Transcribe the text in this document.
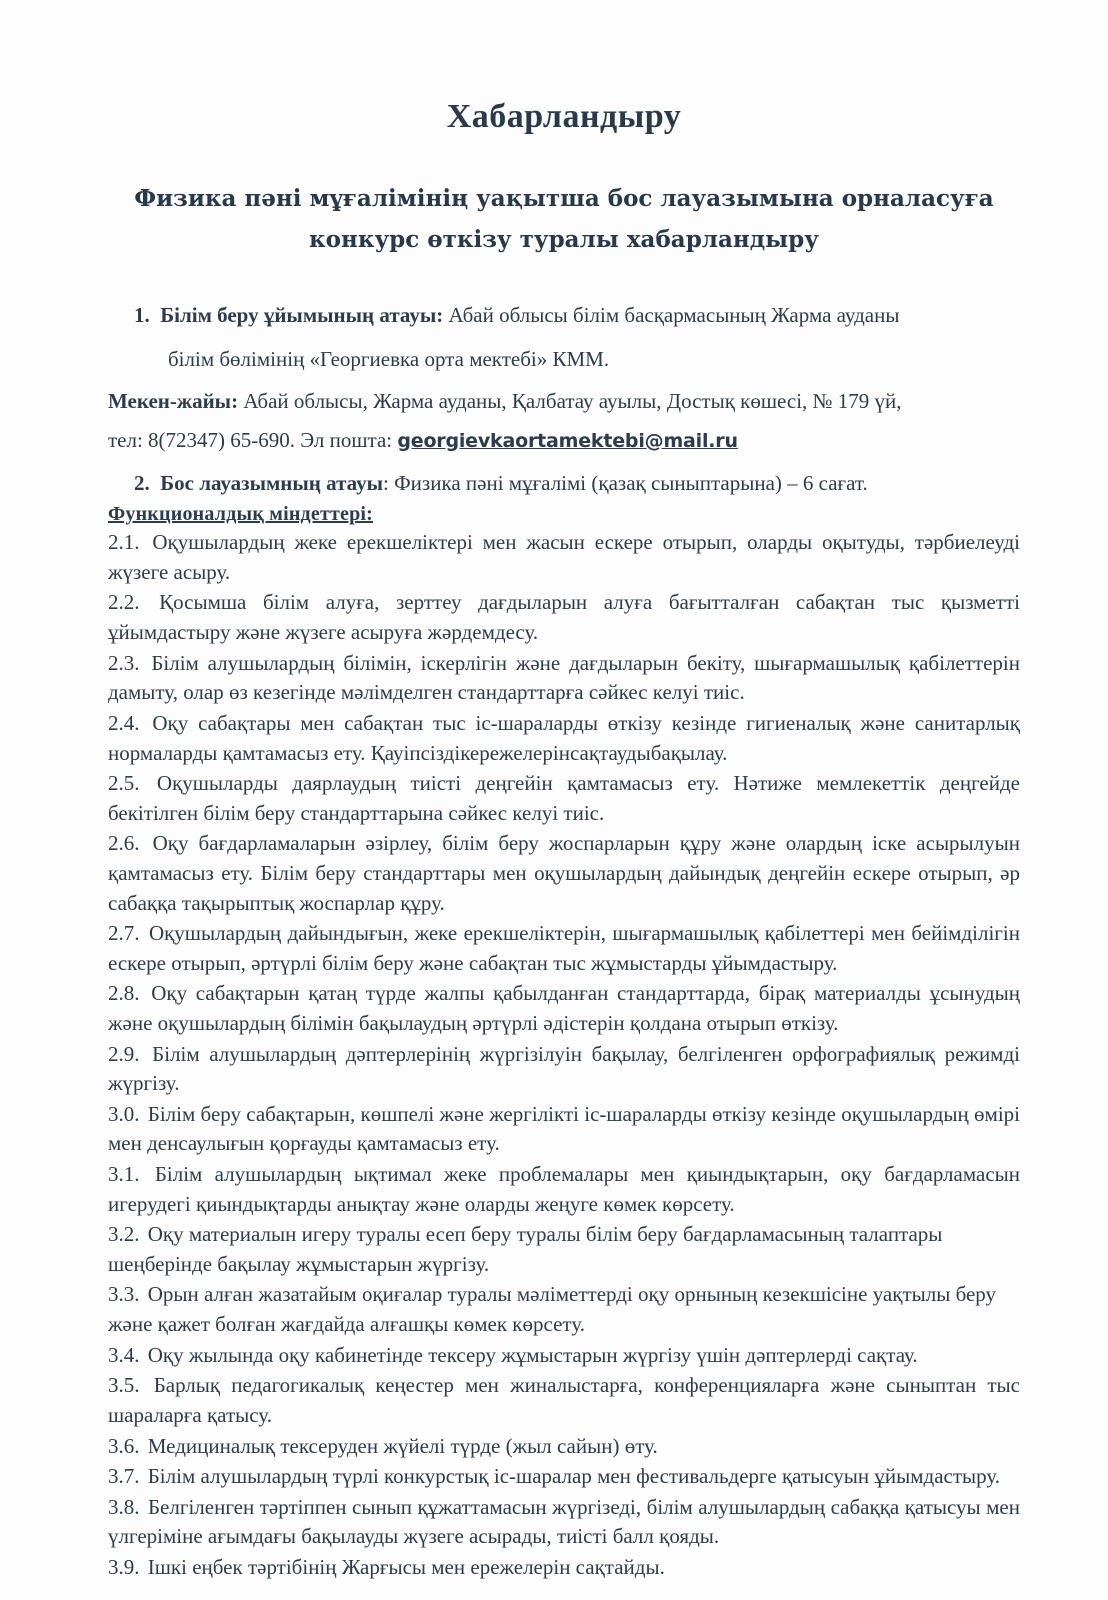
Хабарландыру
Физика пәні мұғалімінің уақытша бос лауазымына орналасуға конкурс өткізу туралы хабарландыру
1. Білім беру ұйымының атауы: Абай облысы білім басқармасының Жарма ауданы
білім бөлімінің «Георгиевка орта мектебі» КММ.
Мекен-жайы: Абай облысы, Жарма ауданы, Қалбатау ауылы, Достық көшесі, № 179 үй,
тел: 8(72347) 65-690. Эл пошта: georgievkaortamektebi@mail.ru
2. Бос лауазымның атауы: Физика пәні мұғалімі (қазақ сыныптарына) – 6 сағат.
Функционалдық міндеттері:

2.1. Оқушылардың жеке ерекшеліктері мен жасын ескере отырып, оларды оқытуды, тәрбиелеуді жүзеге асыру.

2.2. Қосымша білім алуға, зерттеу дағдыларын алуға бағытталған сабақтан тыс қызметті ұйымдастыру және жүзеге асыруға жәрдемдесу.

2.3. Білім алушылардың білімін, іскерлігін және дағдыларын бекіту, шығармашылық қабілеттерін дамыту, олар өз кезегінде мәлімделген стандарттарға сәйкес келуі тиіс.

2.4. Оқу сабақтары мен сабақтан тыс іс-шараларды өткізу кезінде гигиеналық және санитарлық нормаларды қамтамасыз ету. Қауіпсіздікережелерінсақтаудыбақылау.

2.5. Оқушыларды даярлаудың тиісті деңгейін қамтамасыз ету. Нәтиже мемлекеттік деңгейде бекітілген білім беру стандарттарына сәйкес келуі тиіс.

2.6. Оқу бағдарламаларын әзірлеу, білім беру жоспарларын құру және олардың іске асырылуын қамтамасыз ету. Білім беру стандарттары мен оқушылардың дайындық деңгейін ескере отырып, әр сабаққа тақырыптық жоспарлар құру.

2.7. Оқушылардың дайындығын, жеке ерекшеліктерін, шығармашылық қабілеттері мен бейімділігін ескере отырып, әртүрлі білім беру және сабақтан тыс жұмыстарды ұйымдастыру.

2.8. Оқу сабақтарын қатаң түрде жалпы қабылданған стандарттарда, бірақ материалды ұсынудың және оқушылардың білімін бақылаудың әртүрлі әдістерін қолдана отырып өткізу.

2.9. Білім алушылардың дәптерлерінің жүргізілуін бақылау, белгіленген орфографиялық режимді жүргізу.

3.0. Білім беру сабақтарын, көшпелі және жергілікті іс-шараларды өткізу кезінде оқушылардың өмірі мен денсаулығын қорғауды қамтамасыз ету.

3.1. Білім алушылардың ықтимал жеке проблемалары мен қиындықтарын, оқу бағдарламасын игерудегі қиындықтарды анықтау және оларды жеңуге көмек көрсету.

3.2. Оқу материалын игеру туралы есеп беру туралы білім беру бағдарламасының талаптары шеңберінде бақылау жұмыстарын жүргізу.

3.3. Орын алған жазатайым оқиғалар туралы мәліметтерді оқу орнының кезекшісіне уақтылы беру және қажет болған жағдайда алғашқы көмек көрсету.

3.4. Оқу жылында оқу кабинетінде тексеру жұмыстарын жүргізу үшін дәптерлерді сақтау.

3.5. Барлық педагогикалық кеңестер мен жиналыстарға, конференцияларға және сыныптан тыс шараларға қатысу.

3.6. Медициналық тексеруден жүйелі түрде (жыл сайын) өту.

3.7. Білім алушылардың түрлі конкурстық іс-шаралар мен фестивальдерге қатысуын ұйымдастыру.

3.8. Белгіленген тәртіппен сынып құжаттамасын жүргізеді, білім алушылардың сабаққа қатысуы мен үлгеріміне ағымдағы бақылауды жүзеге асырады, тиісті балл қояды.

3.9. Ішкі еңбек тәртібінің Жарғысы мен ережелерін сақтайды.
